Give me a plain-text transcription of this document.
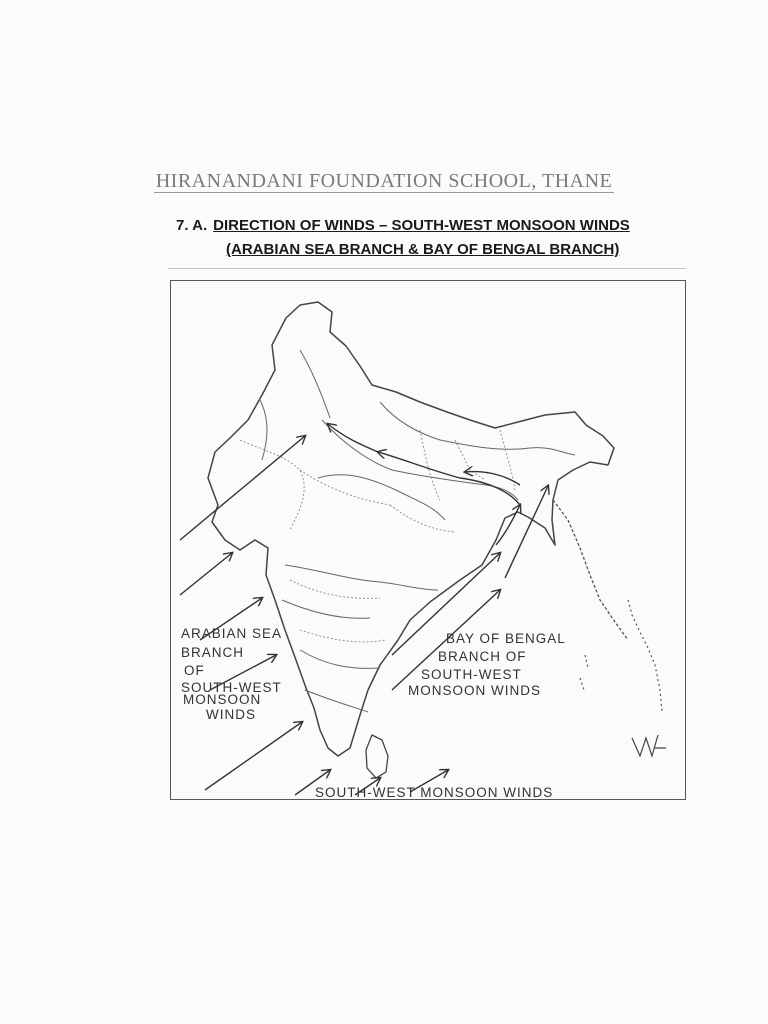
HIRANANDANI FOUNDATION SCHOOL, THANE
7. A. DIRECTION OF WINDS – SOUTH-WEST MONSOON WINDS
(ARABIAN SEA BRANCH & BAY OF BENGAL BRANCH)
ARABIAN SEA
BRANCH
OF
SOUTH-WEST
MONSOON
WINDS
BAY OF BENGAL
BRANCH OF
SOUTH-WEST
MONSOON WINDS
SOUTH-WEST MONSOON WINDS
